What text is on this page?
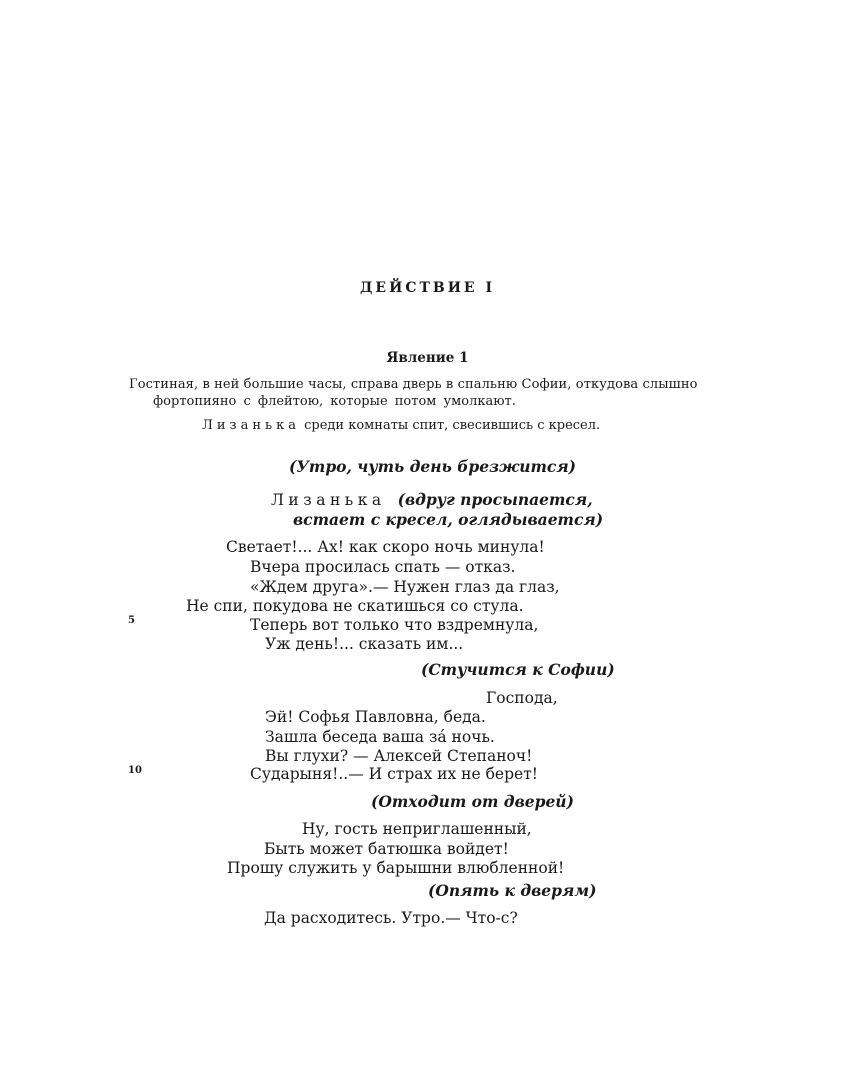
ДЕЙСТВИЕ I
Явление 1
Гостиная, в ней большие часы, справа дверь в спальню Софии, откудова слышно
фортопияно с флейтою, которые потом умолкают.
Лизанька среди комнаты спит, свесившись с кресел.
(Утро, чуть день брезжится)
Лизанька (вдруг просыпается,
встает с кресел, оглядывается)
Светает!... Ах! как скоро ночь минула!
Вчера просилась спать — отказ.
«Ждем друга».— Нужен глаз да глаз,
Не спи, покудова не скатишься со стула.
5	Теперь вот только что вздремнула,
Уж день!... сказать им...
(Стучится к Софии)
Господа,
Эй! Софья Павловна, беда.
Зашла беседа ваша зá ночь.
Вы глухи? — Алексей Степаноч!
10	Сударыня!..— И страх их не берет!
(Отходит от дверей)
Ну, гость неприглашенный,
Быть может батюшка войдет!
Прошу служить у барышни влюбленной!
(Опять к дверям)
Да расходитесь. Утро.— Что-с?
